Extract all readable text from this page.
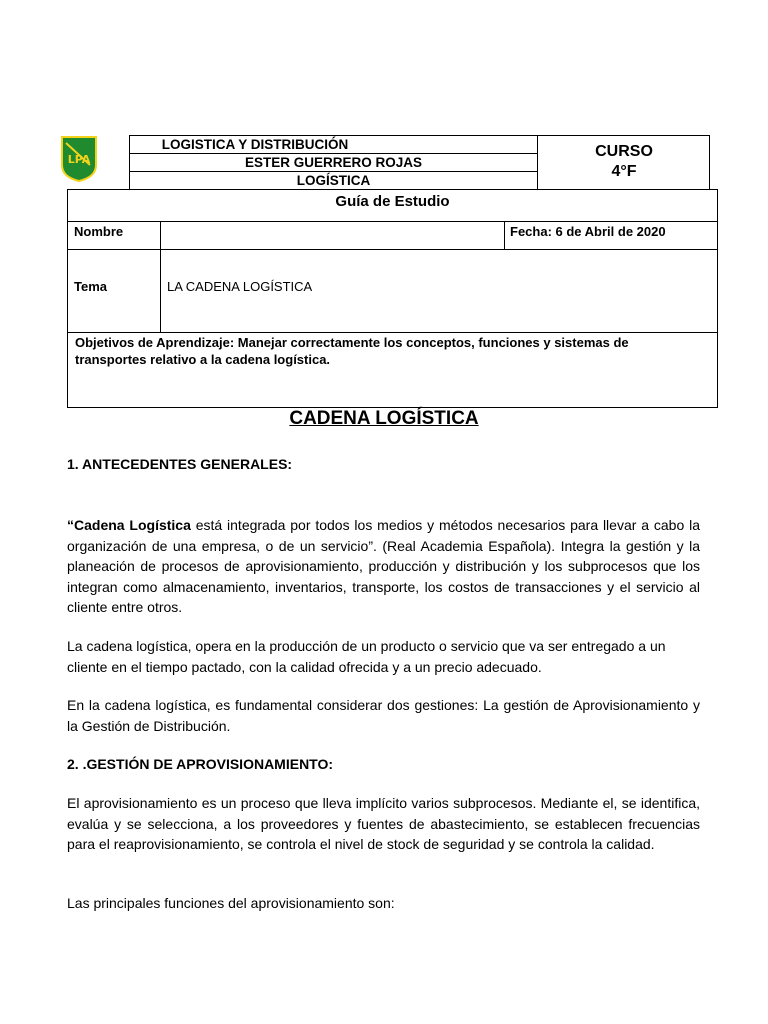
LPA
LOGISTICA Y DISTRIBUCIÓN
ESTER GUERRERO ROJAS
LOGÍSTICA
CURSO
4°F
Guía de Estudio
Nombre	Fecha: 6 de Abril de 2020
Tema	LA CADENA LOGÍSTICA
Objetivos de Aprendizaje: Manejar correctamente los conceptos, funciones y sistemas de
transportes relativo a la cadena logística.
CADENA LOGÍSTICA
1. ANTECEDENTES GENERALES:
“Cadena Logística está integrada por todos los medios y métodos necesarios para llevar a cabo la organización de una empresa, o de un servicio”. (Real Academia Española). Integra la gestión y la planeación de procesos de aprovisionamiento, producción y distribución y los subprocesos que los integran como almacenamiento, inventarios, transporte, los costos de transacciones y el servicio al cliente entre otros.
La cadena logística, opera en la producción de un producto o servicio que va ser entregado a un cliente en el tiempo pactado, con la calidad ofrecida y a un precio adecuado.
En la cadena logística, es fundamental considerar dos gestiones: La gestión de Aprovisionamiento y la Gestión de Distribución.
2. .GESTIÓN DE APROVISIONAMIENTO:
El aprovisionamiento es un proceso que lleva implícito varios subprocesos. Mediante el, se identifica, evalúa y se selecciona, a los proveedores y fuentes de abastecimiento, se establecen frecuencias para el reaprovisionamiento, se controla el nivel de stock de seguridad y se controla la calidad.
Las principales funciones del aprovisionamiento son:
